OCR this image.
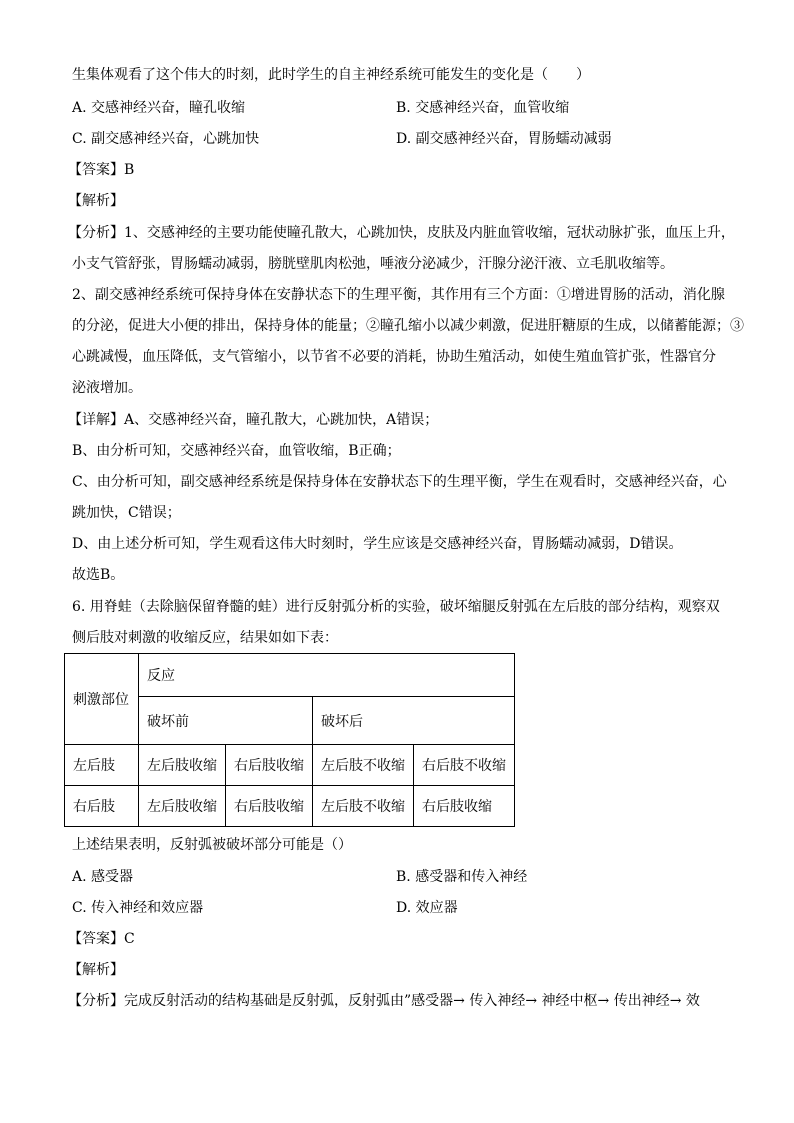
生集体观看了这个伟大的时刻，此时学生的自主神经系统可能发生的变化是（　　）
A. 交感神经兴奋，瞳孔收缩	B. 交感神经兴奋，血管收缩
C. 副交感神经兴奋，心跳加快	D. 副交感神经兴奋，胃肠蠕动减弱
【答案】B
【解析】
【分析】1、交感神经的主要功能使瞳孔散大，心跳加快，皮肤及内脏血管收缩，冠状动脉扩张，血压上升，
小支气管舒张，胃肠蠕动减弱，膀胱壁肌肉松弛，唾液分泌减少，汗腺分泌汗液、立毛肌收缩等。
2、副交感神经系统可保持身体在安静状态下的生理平衡，其作用有三个方面：①增进胃肠的活动，消化腺
的分泌，促进大小便的排出，保持身体的能量；②瞳孔缩小以减少刺激，促进肝糖原的生成，以储蓄能源；③
心跳减慢，血压降低，支气管缩小，以节省不必要的消耗，协助生殖活动，如使生殖血管扩张，性器官分
泌液增加。
【详解】A、交感神经兴奋，瞳孔散大，心跳加快，A错误；
B、由分析可知，交感神经兴奋，血管收缩，B正确；
C、由分析可知，副交感神经系统是保持身体在安静状态下的生理平衡，学生在观看时，交感神经兴奋，心
跳加快，C错误；
D、由上述分析可知，学生观看这伟大时刻时，学生应该是交感神经兴奋，胃肠蠕动减弱，D错误。
故选B。
6. 用脊蛙（去除脑保留脊髓的蛙）进行反射弧分析的实验，破坏缩腿反射弧在左后肢的部分结构，观察双
侧后肢对刺激的收缩反应，结果如如下表：
刺激部位	反应			
	破坏前		破坏后	
左后肢	左后肢收缩	右后肢收缩	左后肢不收缩	右后肢不收缩
右后肢	左后肢收缩	右后肢收缩	左后肢不收缩	右后肢收缩
上述结果表明，反射弧被破坏部分可能是（）
A. 感受器	B. 感受器和传入神经
C. 传入神经和效应器	D. 效应器
【答案】C
【解析】
【分析】完成反射活动的结构基础是反射弧，反射弧由”感受器→ 传入神经→ 神经中枢→ 传出神经→ 效
